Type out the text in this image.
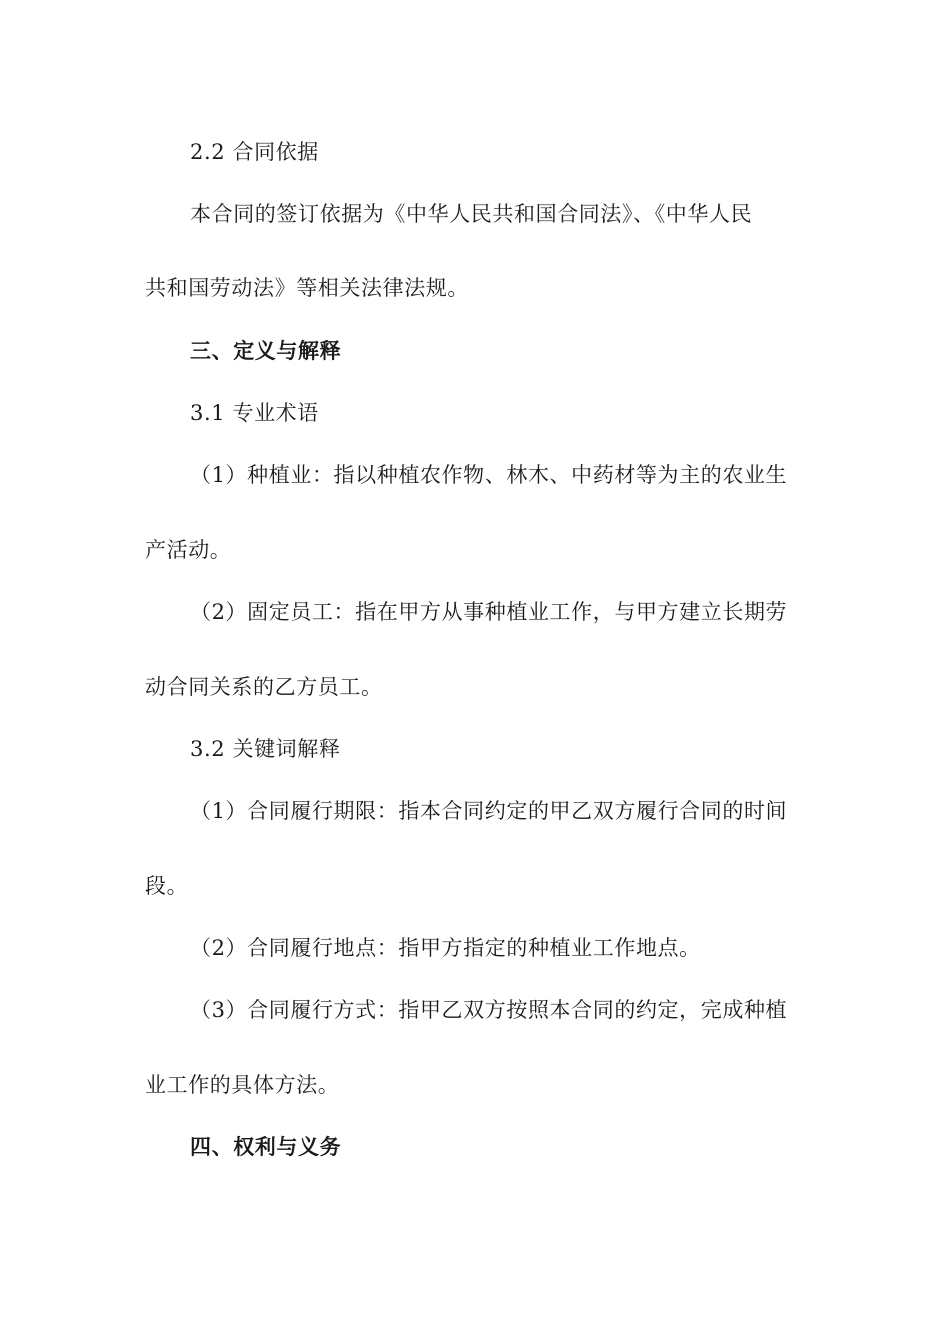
2.2 合同依据
本合同的签订依据为《中华人民共和国合同法》、《中华人民
共和国劳动法》等相关法律法规。
三、定义与解释
3.1 专业术语
（1）种植业：指以种植农作物、林木、中药材等为主的农业生
产活动。
（2）固定员工：指在甲方从事种植业工作，与甲方建立长期劳
动合同关系的乙方员工。
3.2 关键词解释
（1）合同履行期限：指本合同约定的甲乙双方履行合同的时间
段。
（2）合同履行地点：指甲方指定的种植业工作地点。
（3）合同履行方式：指甲乙双方按照本合同的约定，完成种植
业工作的具体方法。
四、权利与义务
